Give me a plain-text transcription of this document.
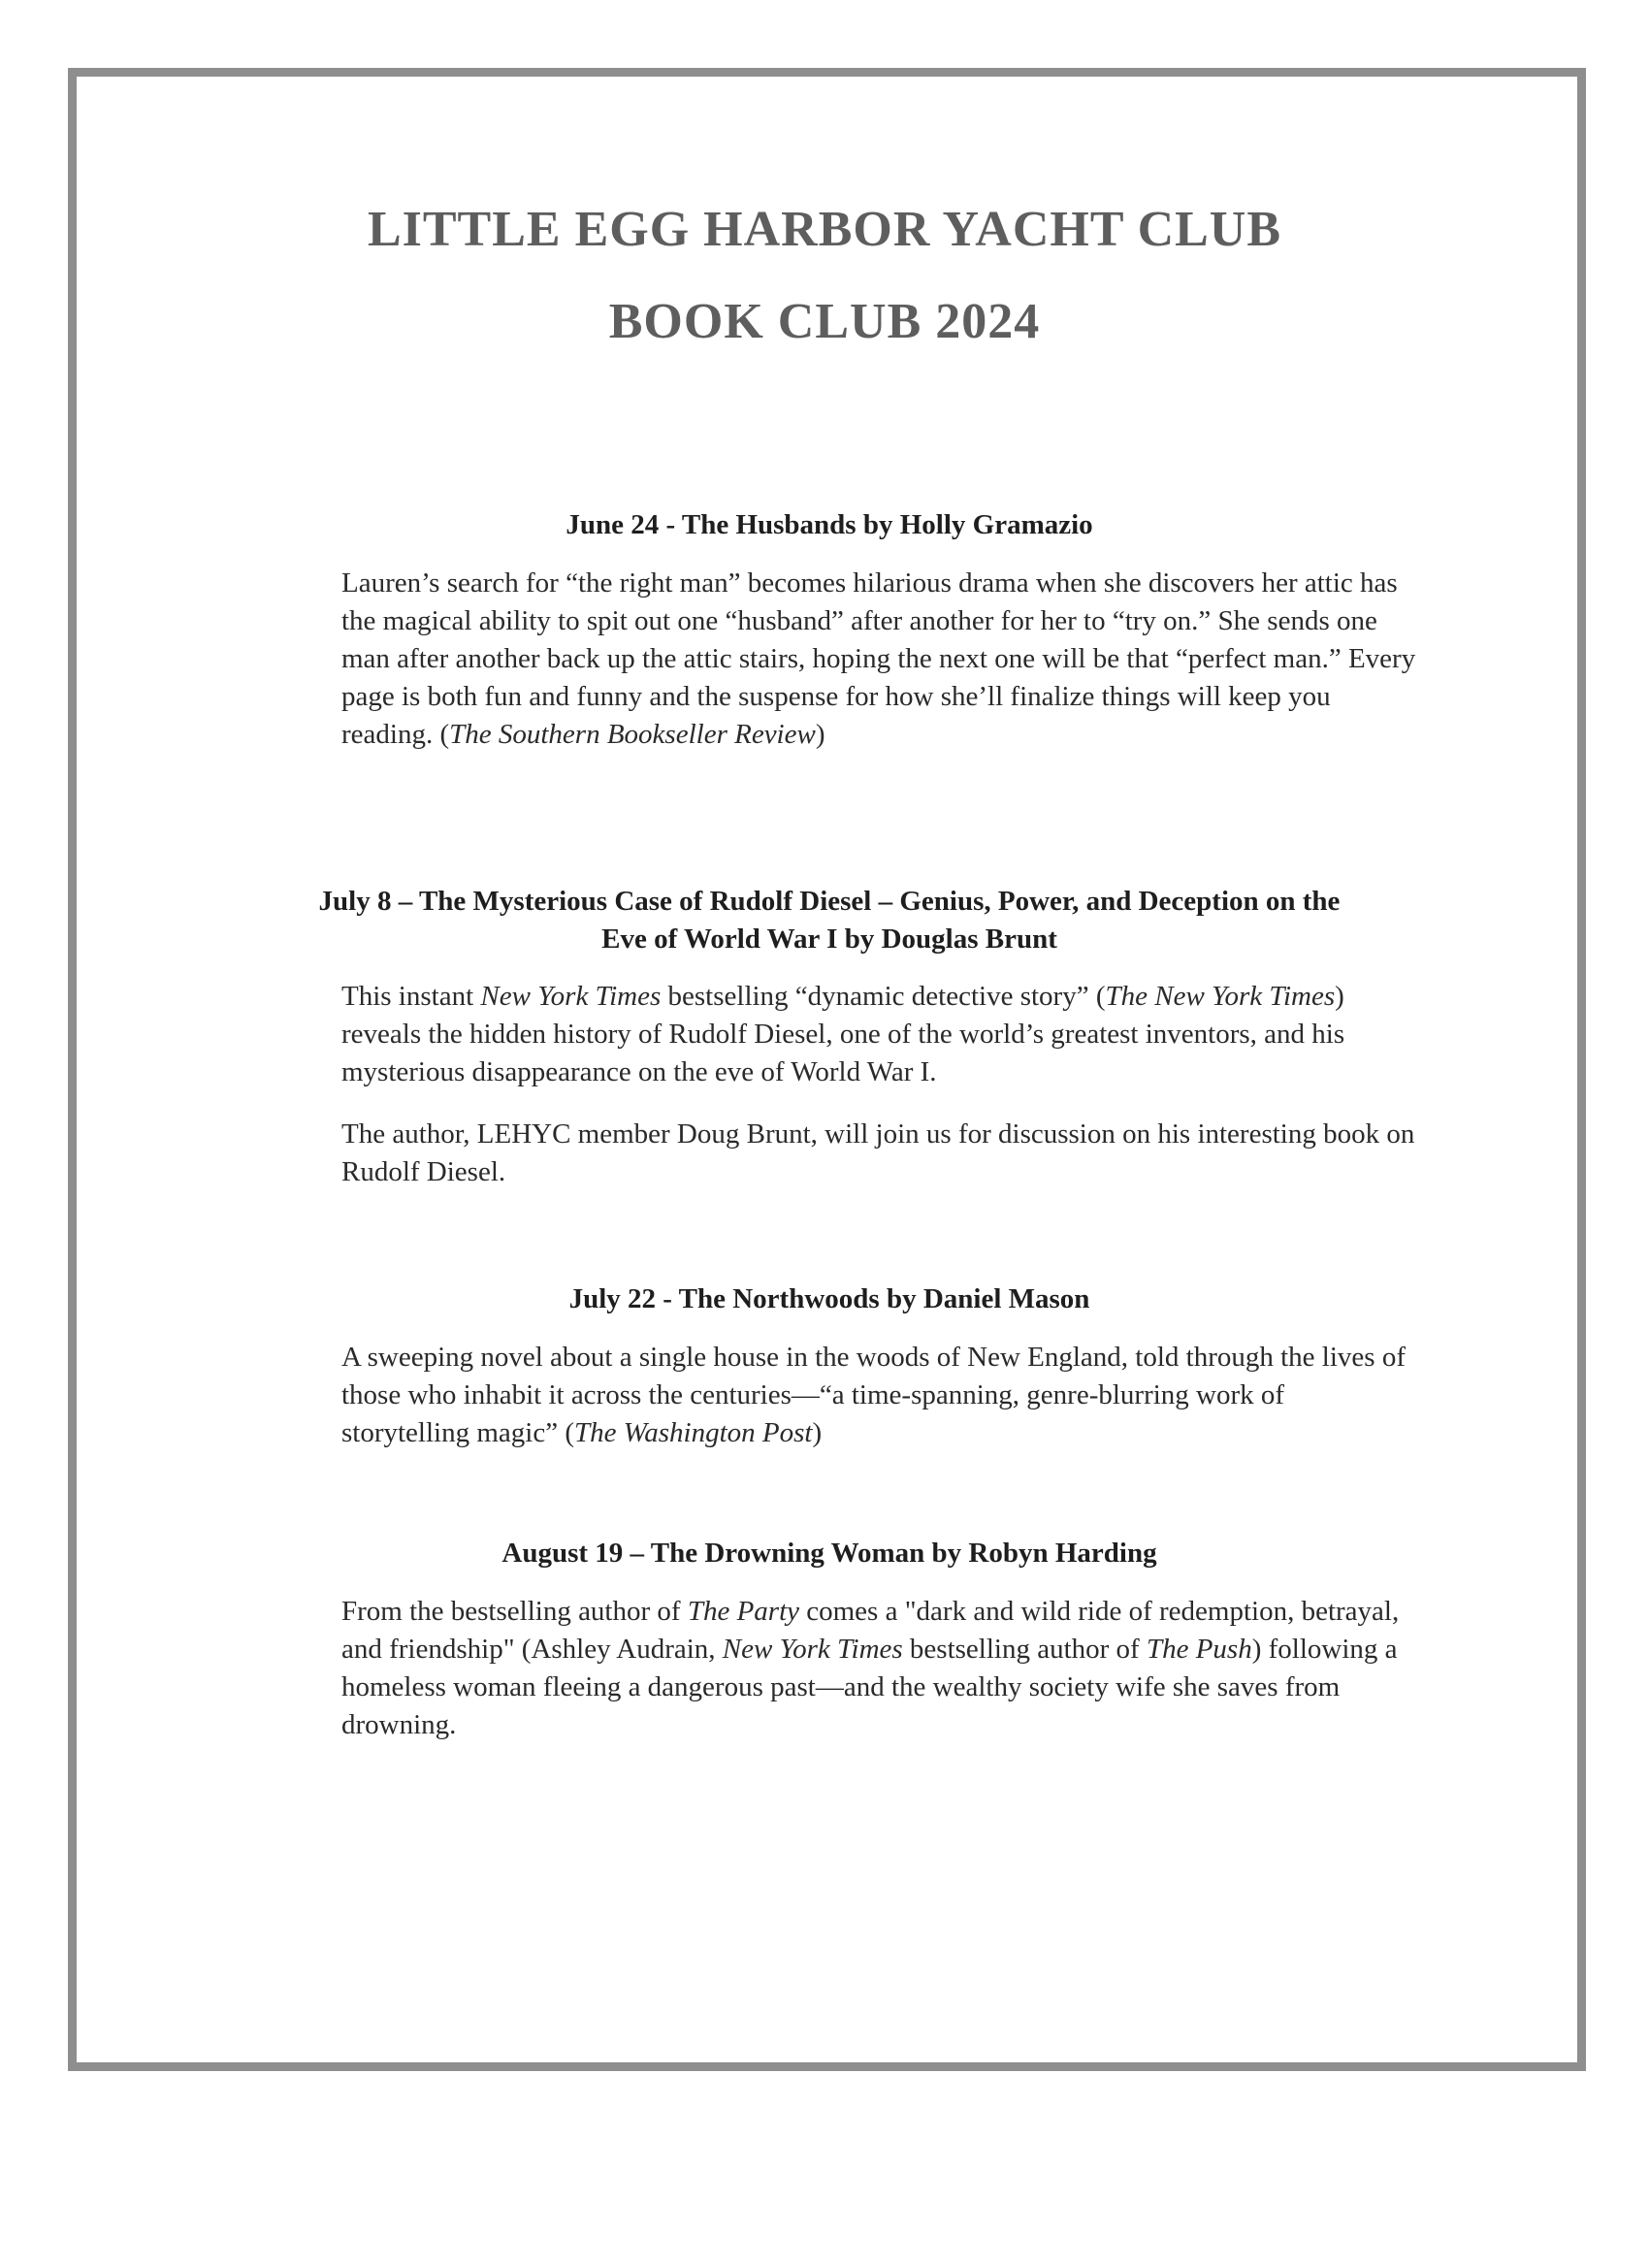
LITTLE EGG HARBOR YACHT CLUB
BOOK CLUB 2024
June 24 - The Husbands by Holly Gramazio

Lauren’s search for “the right man” becomes hilarious drama when she discovers her attic has the magical ability to spit out one “husband” after another for her to “try on.” She sends one man after another back up the attic stairs, hoping the next one will be that “perfect man.” Every page is both fun and funny and the suspense for how she’ll finalize things will keep you reading. (The Southern Bookseller Review)

July 8 – The Mysterious Case of Rudolf Diesel – Genius, Power, and Deception on the
Eve of World War I by Douglas Brunt

This instant New York Times bestselling “dynamic detective story” (The New York Times) reveals the hidden history of Rudolf Diesel, one of the world’s greatest inventors, and his mysterious disappearance on the eve of World War I.

The author, LEHYC member Doug Brunt, will join us for discussion on his interesting book on Rudolf Diesel.

July 22 - The Northwoods by Daniel Mason

A sweeping novel about a single house in the woods of New England, told through the lives of those who inhabit it across the centuries—“a time-spanning, genre-blurring work of storytelling magic” (The Washington Post)

August 19 – The Drowning Woman by Robyn Harding

From the bestselling author of The Party comes a "dark and wild ride of redemption, betrayal, and friendship" (Ashley Audrain, New York Times bestselling author of The Push) following a homeless woman fleeing a dangerous past—and the wealthy society wife she saves from drowning.
